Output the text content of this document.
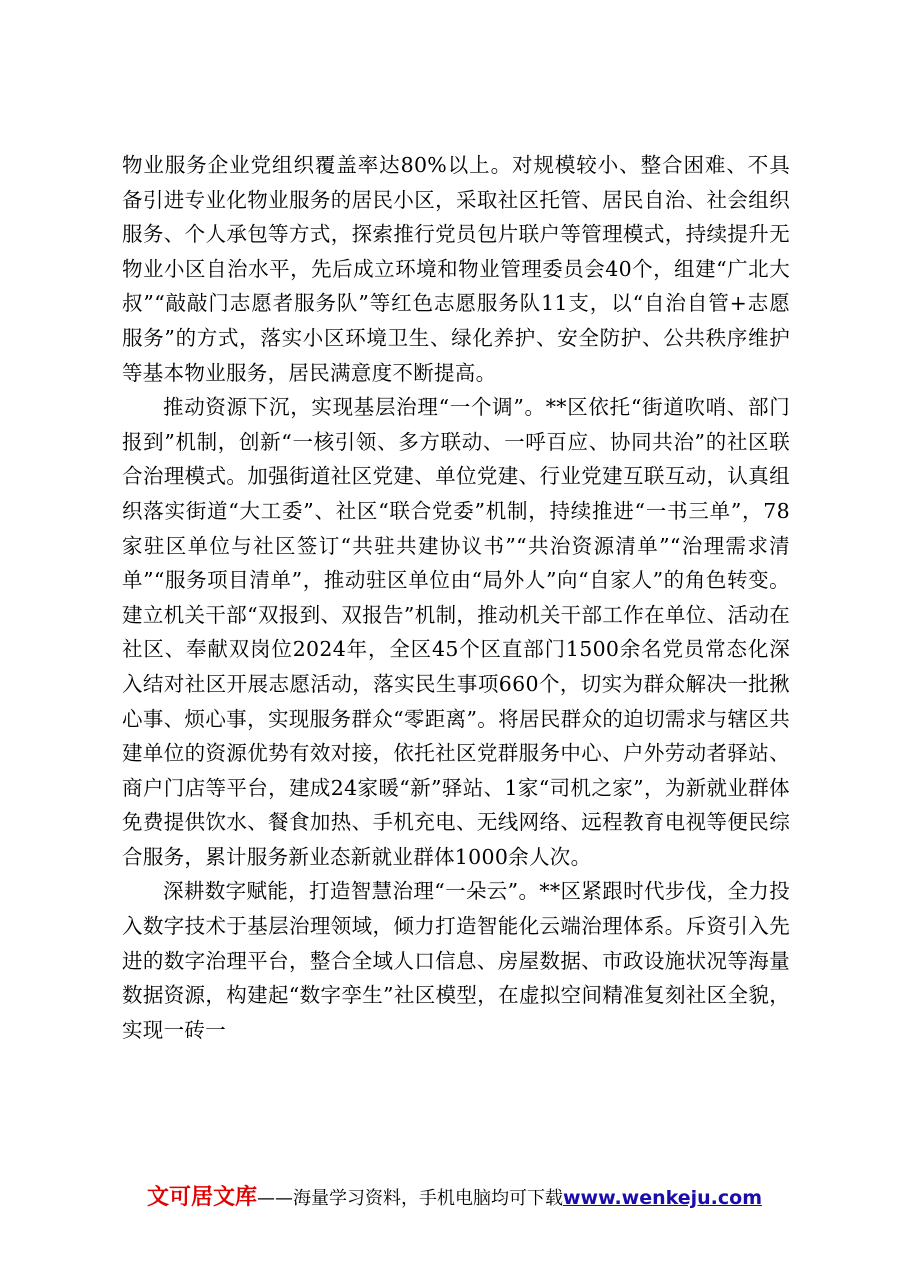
物业服务企业党组织覆盖率达80%以上。对规模较小、整合困难、不具备引进专业化物业服务的居民小区，采取社区托管、居民自治、社会组织服务、个人承包等方式，探索推行党员包片联户等管理模式，持续提升无物业小区自治水平，先后成立环境和物业管理委员会40个，组建“广北大叔”“敲敲门志愿者服务队”等红色志愿服务队11支，以“自治自管+志愿服务”的方式，落实小区环境卫生、绿化养护、安全防护、公共秩序维护等基本物业服务，居民满意度不断提高。

推动资源下沉，实现基层治理“一个调”。**区依托“街道吹哨、部门报到”机制，创新“一核引领、多方联动、一呼百应、协同共治”的社区联合治理模式。加强街道社区党建、单位党建、行业党建互联互动，认真组织落实街道“大工委”、社区“联合党委”机制，持续推进“一书三单”，78家驻区单位与社区签订“共驻共建协议书”“共治资源清单”“治理需求清单”“服务项目清单”，推动驻区单位由“局外人”向“自家人”的角色转变。建立机关干部“双报到、双报告”机制，推动机关干部工作在单位、活动在社区、奉献双岗位2024年，全区45个区直部门1500余名党员常态化深入结对社区开展志愿活动，落实民生事项660个，切实为群众解决一批揪心事、烦心事，实现服务群众“零距离”。将居民群众的迫切需求与辖区共建单位的资源优势有效对接，依托社区党群服务中心、户外劳动者驿站、商户门店等平台，建成24家暖“新”驿站、1家“司机之家”，为新就业群体免费提供饮水、餐食加热、手机充电、无线网络、远程教育电视等便民综合服务，累计服务新业态新就业群体1000余人次。

深耕数字赋能，打造智慧治理“一朵云”。**区紧跟时代步伐，全力投入数字技术于基层治理领域，倾力打造智能化云端治理体系。斥资引入先进的数字治理平台，整合全域人口信息、房屋数据、市政设施状况等海量数据资源，构建起“数字孪生”社区模型，在虚拟空间精准复刻社区全貌，实现一砖一

文可居文库——海量学习资料，手机电脑均可下载www.wenkeju.com
